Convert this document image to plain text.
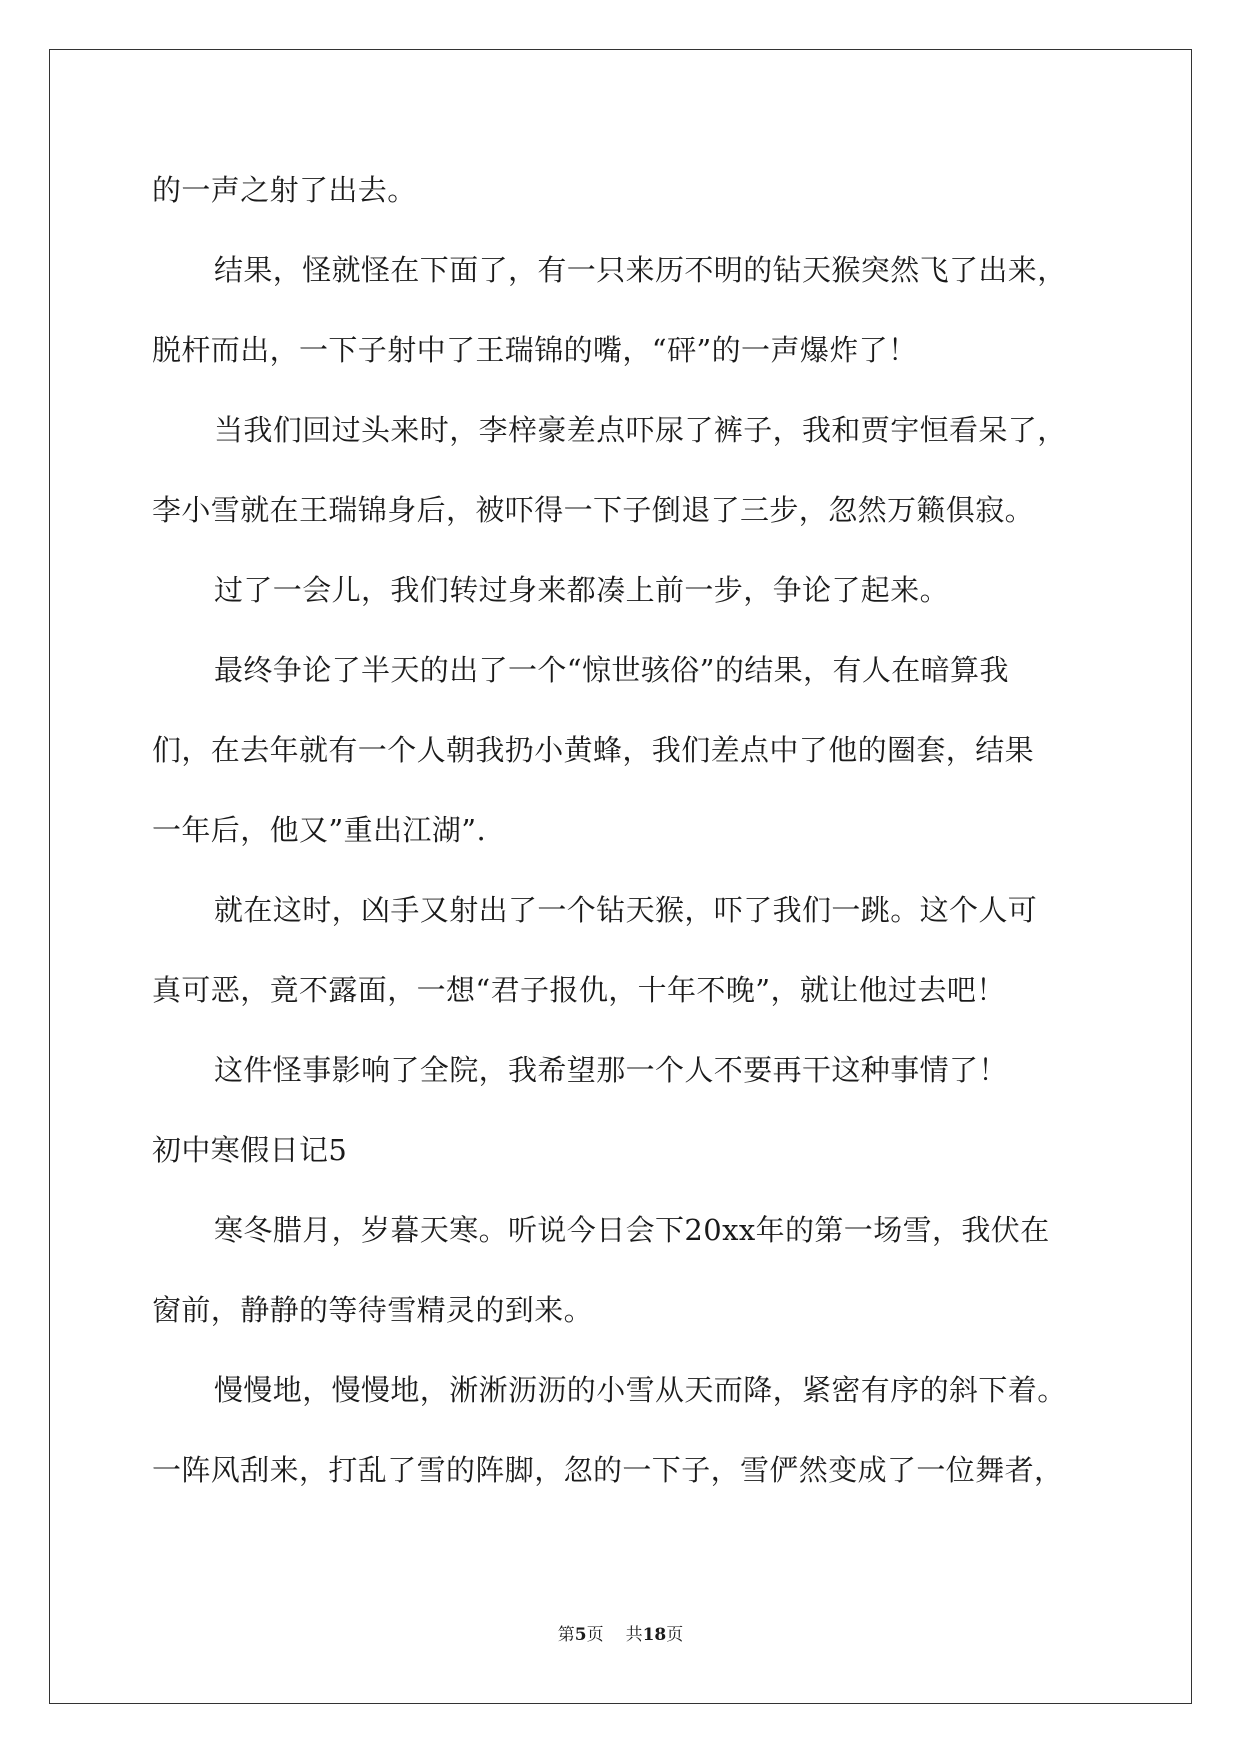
的一声之射了出去。
结果，怪就怪在下面了，有一只来历不明的钻天猴突然飞了出来，
脱杆而出，一下子射中了王瑞锦的嘴，“砰”的一声爆炸了！
当我们回过头来时，李梓豪差点吓尿了裤子，我和贾宇恒看呆了，
李小雪就在王瑞锦身后，被吓得一下子倒退了三步，忽然万籁俱寂。
过了一会儿，我们转过身来都凑上前一步，争论了起来。
最终争论了半天的出了一个“惊世骇俗”的结果，有人在暗算我
们，在去年就有一个人朝我扔小黄蜂，我们差点中了他的圈套，结果
一年后，他又”重出江湖”.
就在这时，凶手又射出了一个钻天猴，吓了我们一跳。这个人可
真可恶，竟不露面，一想“君子报仇，十年不晚”，就让他过去吧！
这件怪事影响了全院，我希望那一个人不要再干这种事情了！
初中寒假日记5
寒冬腊月，岁暮天寒。听说今日会下20xx年的第一场雪，我伏在
窗前，静静的等待雪精灵的到来。
慢慢地，慢慢地，淅淅沥沥的小雪从天而降，紧密有序的斜下着。
一阵风刮来，打乱了雪的阵脚，忽的一下子，雪俨然变成了一位舞者，
第5页 共18页
